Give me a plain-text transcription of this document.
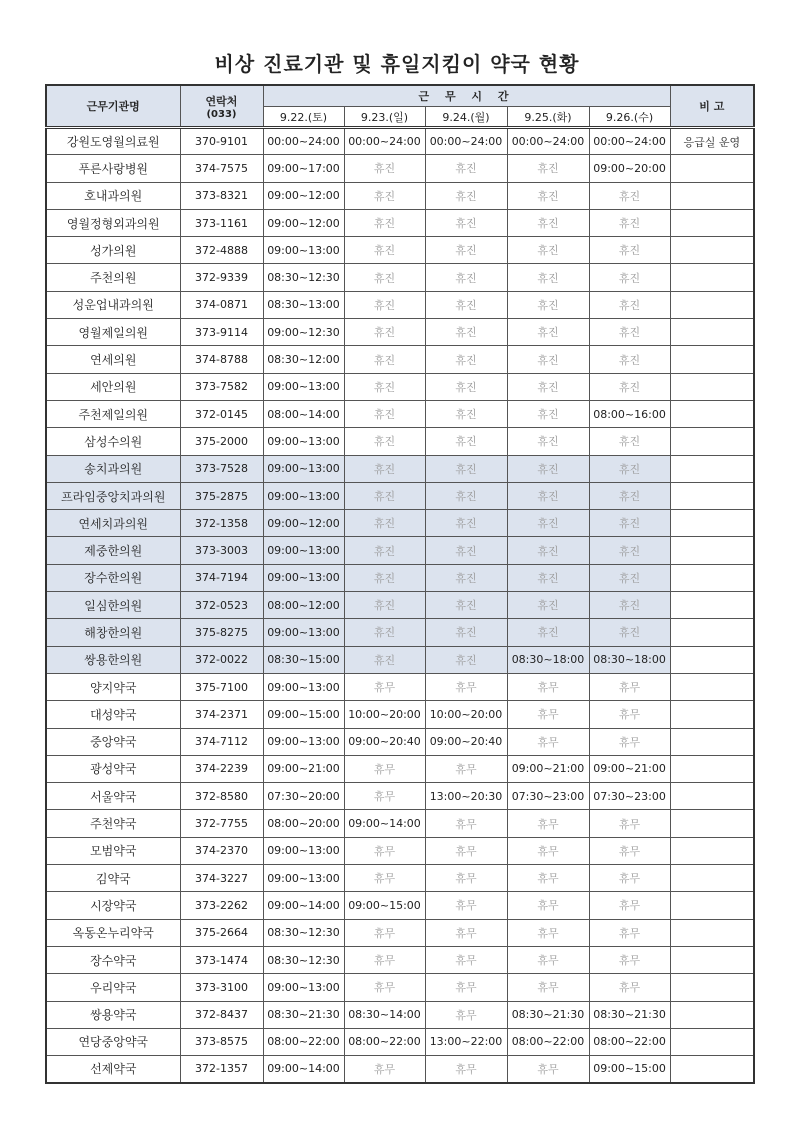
비상 진료기관 및 휴일지킴이 약국 현황
근무기관명	연락처
(033)	근 무 시 간					비 고
		9.22.(토)	9.23.(일)	9.24.(월)	9.25.(화)	9.26.(수)	
강원도영월의료원	370-9101	00:00~24:00	00:00~24:00	00:00~24:00	00:00~24:00	00:00~24:00	응급실 운영
푸른사랑병원	374-7575	09:00~17:00	휴진	휴진	휴진	09:00~20:00	
호내과의원	373-8321	09:00~12:00	휴진	휴진	휴진	휴진	
영월정형외과의원	373-1161	09:00~12:00	휴진	휴진	휴진	휴진	
성가의원	372-4888	09:00~13:00	휴진	휴진	휴진	휴진	
주천의원	372-9339	08:30~12:30	휴진	휴진	휴진	휴진	
성운업내과의원	374-0871	08:30~13:00	휴진	휴진	휴진	휴진	
영월제일의원	373-9114	09:00~12:30	휴진	휴진	휴진	휴진	
연세의원	374-8788	08:30~12:00	휴진	휴진	휴진	휴진	
세안의원	373-7582	09:00~13:00	휴진	휴진	휴진	휴진	
주천제일의원	372-0145	08:00~14:00	휴진	휴진	휴진	08:00~16:00	
삼성수의원	375-2000	09:00~13:00	휴진	휴진	휴진	휴진	
송치과의원	373-7528	09:00~13:00	휴진	휴진	휴진	휴진	
프라임중앙치과의원	375-2875	09:00~13:00	휴진	휴진	휴진	휴진	
연세치과의원	372-1358	09:00~12:00	휴진	휴진	휴진	휴진	
제중한의원	373-3003	09:00~13:00	휴진	휴진	휴진	휴진	
장수한의원	374-7194	09:00~13:00	휴진	휴진	휴진	휴진	
일심한의원	372-0523	08:00~12:00	휴진	휴진	휴진	휴진	
해창한의원	375-8275	09:00~13:00	휴진	휴진	휴진	휴진	
쌍용한의원	372-0022	08:30~15:00	휴진	휴진	08:30~18:00	08:30~18:00	
양지약국	375-7100	09:00~13:00	휴무	휴무	휴무	휴무	
대성약국	374-2371	09:00~15:00	10:00~20:00	10:00~20:00	휴무	휴무	
중앙약국	374-7112	09:00~13:00	09:00~20:40	09:00~20:40	휴무	휴무	
광성약국	374-2239	09:00~21:00	휴무	휴무	09:00~21:00	09:00~21:00	
서울약국	372-8580	07:30~20:00	휴무	13:00~20:30	07:30~23:00	07:30~23:00	
주천약국	372-7755	08:00~20:00	09:00~14:00	휴무	휴무	휴무	
모범약국	374-2370	09:00~13:00	휴무	휴무	휴무	휴무	
김약국	374-3227	09:00~13:00	휴무	휴무	휴무	휴무	
시장약국	373-2262	09:00~14:00	09:00~15:00	휴무	휴무	휴무	
옥동온누리약국	375-2664	08:30~12:30	휴무	휴무	휴무	휴무	
장수약국	373-1474	08:30~12:30	휴무	휴무	휴무	휴무	
우리약국	373-3100	09:00~13:00	휴무	휴무	휴무	휴무	
쌍용약국	372-8437	08:30~21:30	08:30~14:00	휴무	08:30~21:30	08:30~21:30	
연당중앙약국	373-8575	08:00~22:00	08:00~22:00	13:00~22:00	08:00~22:00	08:00~22:00	
선제약국	372-1357	09:00~14:00	휴무	휴무	휴무	09:00~15:00	
